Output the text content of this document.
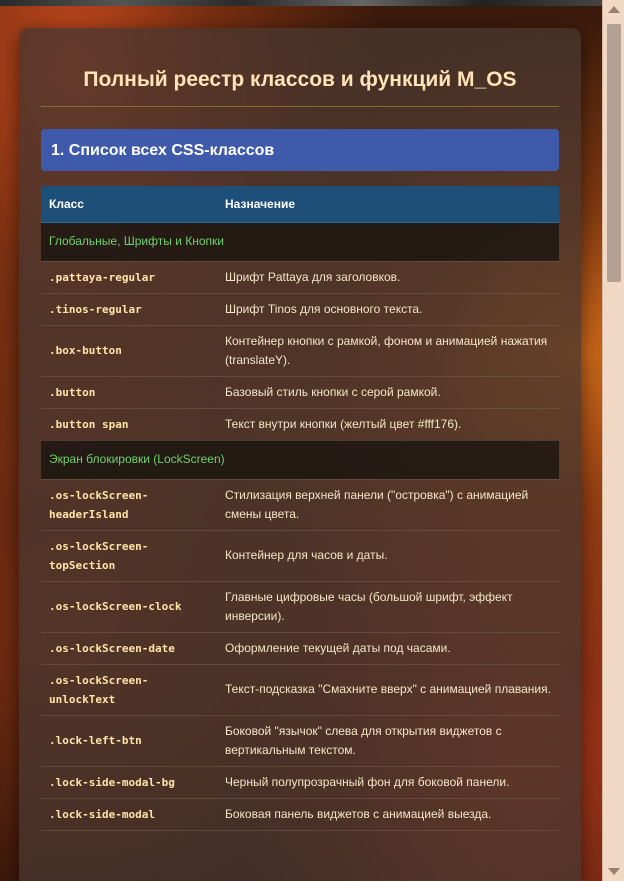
Полный реестр классов и функций M_OS
1. Список всех CSS-классов
Класс	Назначение
Глобальные, Шрифты и Кнопки	
.pattaya-regular	Шрифт Pattaya для заголовков.
.tinos-regular	Шрифт Tinos для основного текста.
.box-button	Контейнер кнопки с рамкой, фоном и анимацией нажатия (translateY).
.button	Базовый стиль кнопки с серой рамкой.
.button span	Текст внутри кнопки (желтый цвет #fff176).
Экран блокировки (LockScreen)	
.os-lockScreen-headerIsland	Стилизация верхней панели ("островка") с анимацией смены цвета.
.os-lockScreen-topSection	Контейнер для часов и даты.
.os-lockScreen-clock	Главные цифровые часы (большой шрифт, эффект инверсии).
.os-lockScreen-date	Оформление текущей даты под часами.
.os-lockScreen-unlockText	Текст-подсказка "Смахните вверх" с анимацией плавания.
.lock-left-btn	Боковой "язычок" слева для открытия виджетов с вертикальным текстом.
.lock-side-modal-bg	Черный полупрозрачный фон для боковой панели.
.lock-side-modal	Боковая панель виджетов с анимацией выезда.
